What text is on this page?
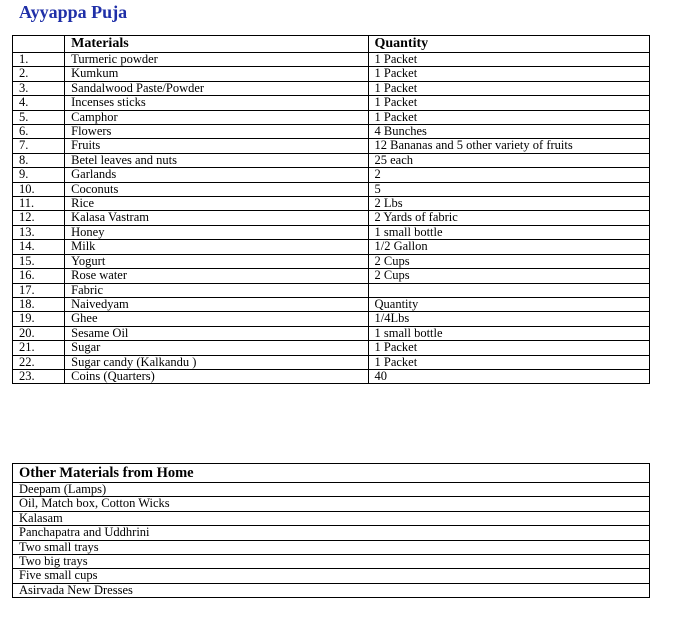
Ayyappa Puja
	Materials	Quantity
1.	Turmeric powder	1 Packet
2.	Kumkum	1 Packet
3.	Sandalwood Paste/Powder	1 Packet
4.	Incenses sticks	1 Packet
5.	Camphor	1 Packet
6.	Flowers	4 Bunches
7.	Fruits	12 Bananas and 5 other variety of fruits
8.	Betel leaves and nuts	25 each
9.	Garlands	2
10.	Coconuts	5
11.	Rice	2 Lbs
12.	Kalasa Vastram	2 Yards of fabric
13.	Honey	1 small bottle
14.	Milk	1/2 Gallon
15.	Yogurt	2 Cups
16.	Rose water	2 Cups
17.	Fabric	
18.	Naivedyam	Quantity
19.	Ghee	1/4Lbs
20.	Sesame Oil	1 small bottle
21.	Sugar	1 Packet
22.	Sugar candy (Kalkandu )	1 Packet
23.	Coins (Quarters)	40
Other Materials from Home
Deepam (Lamps)
Oil, Match box, Cotton Wicks
Kalasam
Panchapatra and Uddhrini
Two small trays
Two big trays
Five small cups
Asirvada New Dresses
